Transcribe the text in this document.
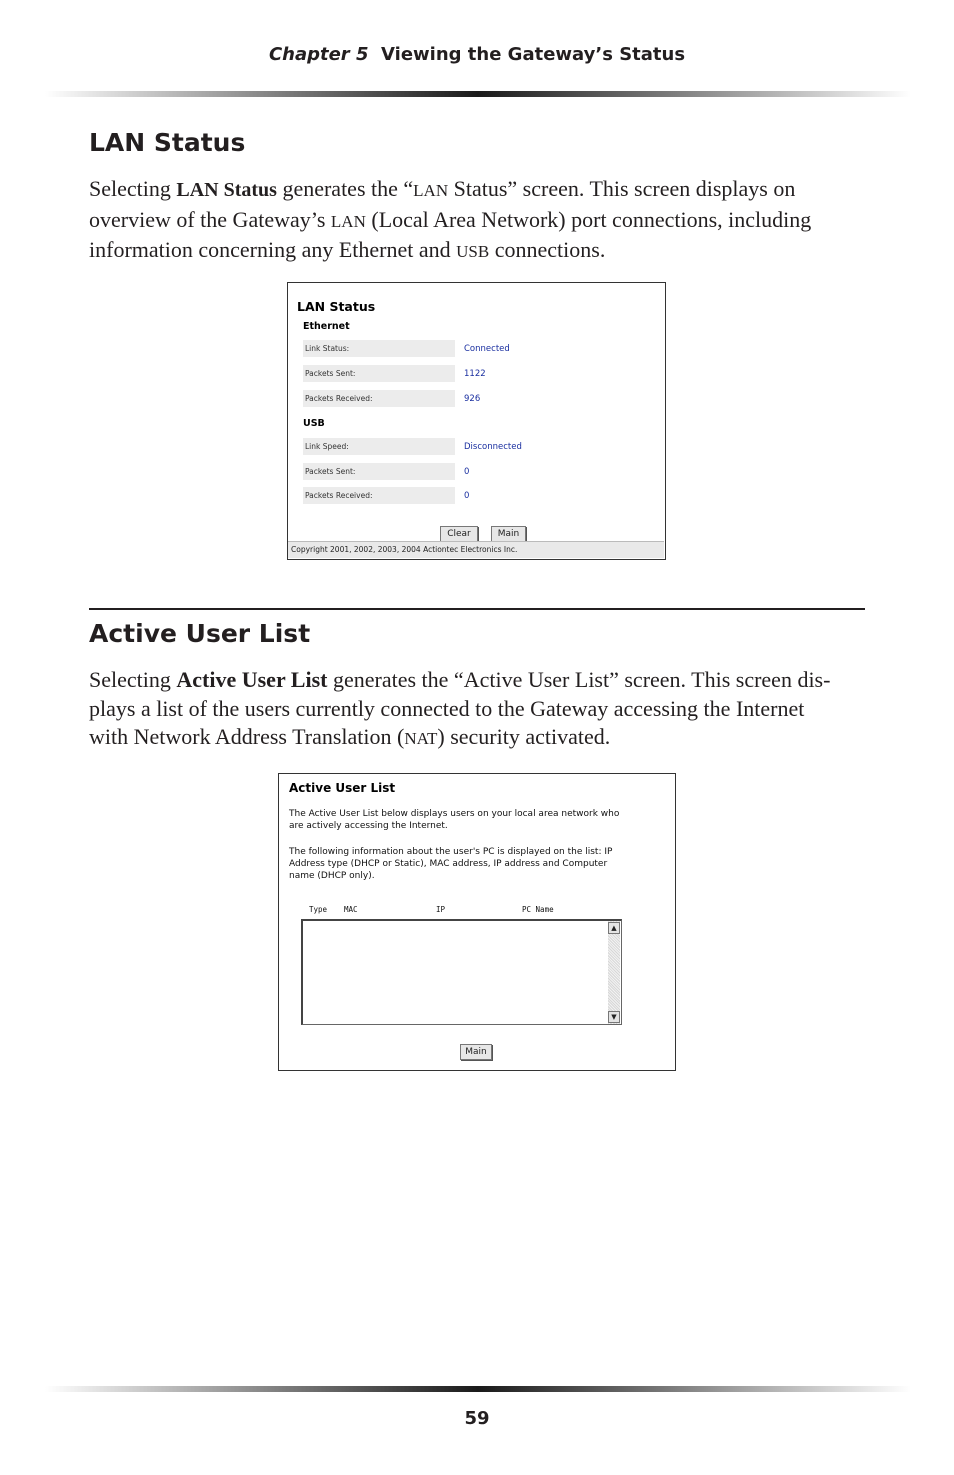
Chapter 5 Viewing the Gateway’s Status
LAN Status
Selecting LAN Status generates the “LAN Status” screen. This screen displays on
overview of the Gateway’s LAN (Local Area Network) port connections, including
information concerning any Ethernet and USB connections.
LAN Status
Ethernet
Link Status:	Connected
Packets Sent:	1122
Packets Received:	926
USB
Link Speed:	Disconnected
Packets Sent:	0
Packets Received:	0
Clear	Main
Copyright 2001, 2002, 2003, 2004 Actiontec Electronics Inc.
Active User List
Selecting Active User List generates the “Active User List” screen. This screen dis-
plays a list of the users currently connected to the Gateway accessing the Internet
with Network Address Translation (NAT) security activated.
Active User List
The Active User List below displays users on your local area network who
are actively accessing the Internet.
The following information about the user's PC is displayed on the list: IP
Address type (DHCP or Static), MAC address, IP address and Computer
name (DHCP only).
Type MAC	IP	PC Name
▲
▼
Main
59
